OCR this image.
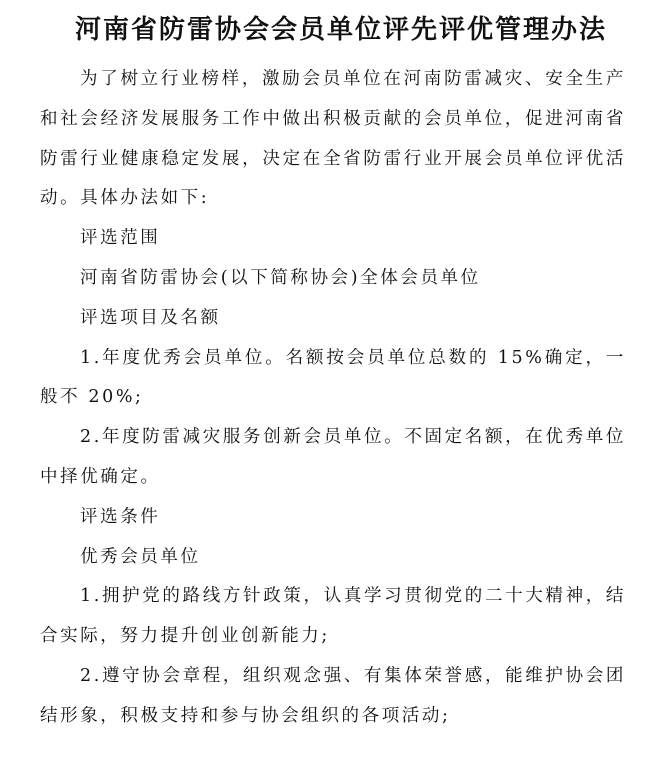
河南省防雷协会会员单位评先评优管理办法

为了树立行业榜样，激励会员单位在河南防雷减灾、安全生产和社会经济发展服务工作中做出积极贡献的会员单位，促进河南省防雷行业健康稳定发展，决定在全省防雷行业开展会员单位评优活动。具体办法如下:

评选范围

河南省防雷协会(以下简称协会)全体会员单位

评选项目及名额

1.年度优秀会员单位。名额按会员单位总数的 15%确定，一般不 20%;

2.年度防雷减灾服务创新会员单位。不固定名额，在优秀单位中择优确定。

评选条件

优秀会员单位

1.拥护党的路线方针政策，认真学习贯彻党的二十大精神，结合实际，努力提升创业创新能力;

2.遵守协会章程，组织观念强、有集体荣誉感，能维护协会团结形象，积极支持和参与协会组织的各项活动;
